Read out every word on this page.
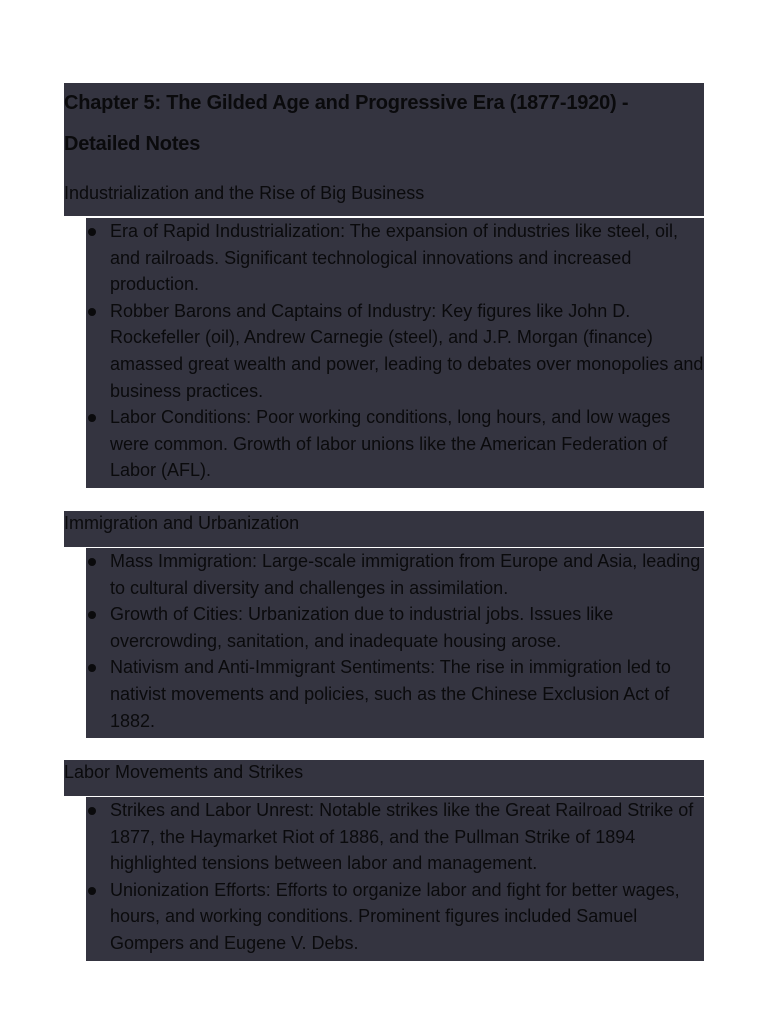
Chapter 5: The Gilded Age and Progressive Era (1877-1920) -
Detailed Notes

Industrialization and the Rise of Big Business

Era of Rapid Industrialization: The expansion of industries like steel, oil, and railroads. Significant technological innovations and increased production.
Robber Barons and Captains of Industry: Key figures like John D. Rockefeller (oil), Andrew Carnegie (steel), and J.P. Morgan (finance) amassed great wealth and power, leading to debates over monopolies and business practices.
Labor Conditions: Poor working conditions, long hours, and low wages were common. Growth of labor unions like the American Federation of Labor (AFL).

Immigration and Urbanization

Mass Immigration: Large-scale immigration from Europe and Asia, leading to cultural diversity and challenges in assimilation.
Growth of Cities: Urbanization due to industrial jobs. Issues like overcrowding, sanitation, and inadequate housing arose.
Nativism and Anti-Immigrant Sentiments: The rise in immigration led to nativist movements and policies, such as the Chinese Exclusion Act of 1882.

Labor Movements and Strikes

Strikes and Labor Unrest: Notable strikes like the Great Railroad Strike of 1877, the Haymarket Riot of 1886, and the Pullman Strike of 1894 highlighted tensions between labor and management.
Unionization Efforts: Efforts to organize labor and fight for better wages, hours, and working conditions. Prominent figures included Samuel Gompers and Eugene V. Debs.
